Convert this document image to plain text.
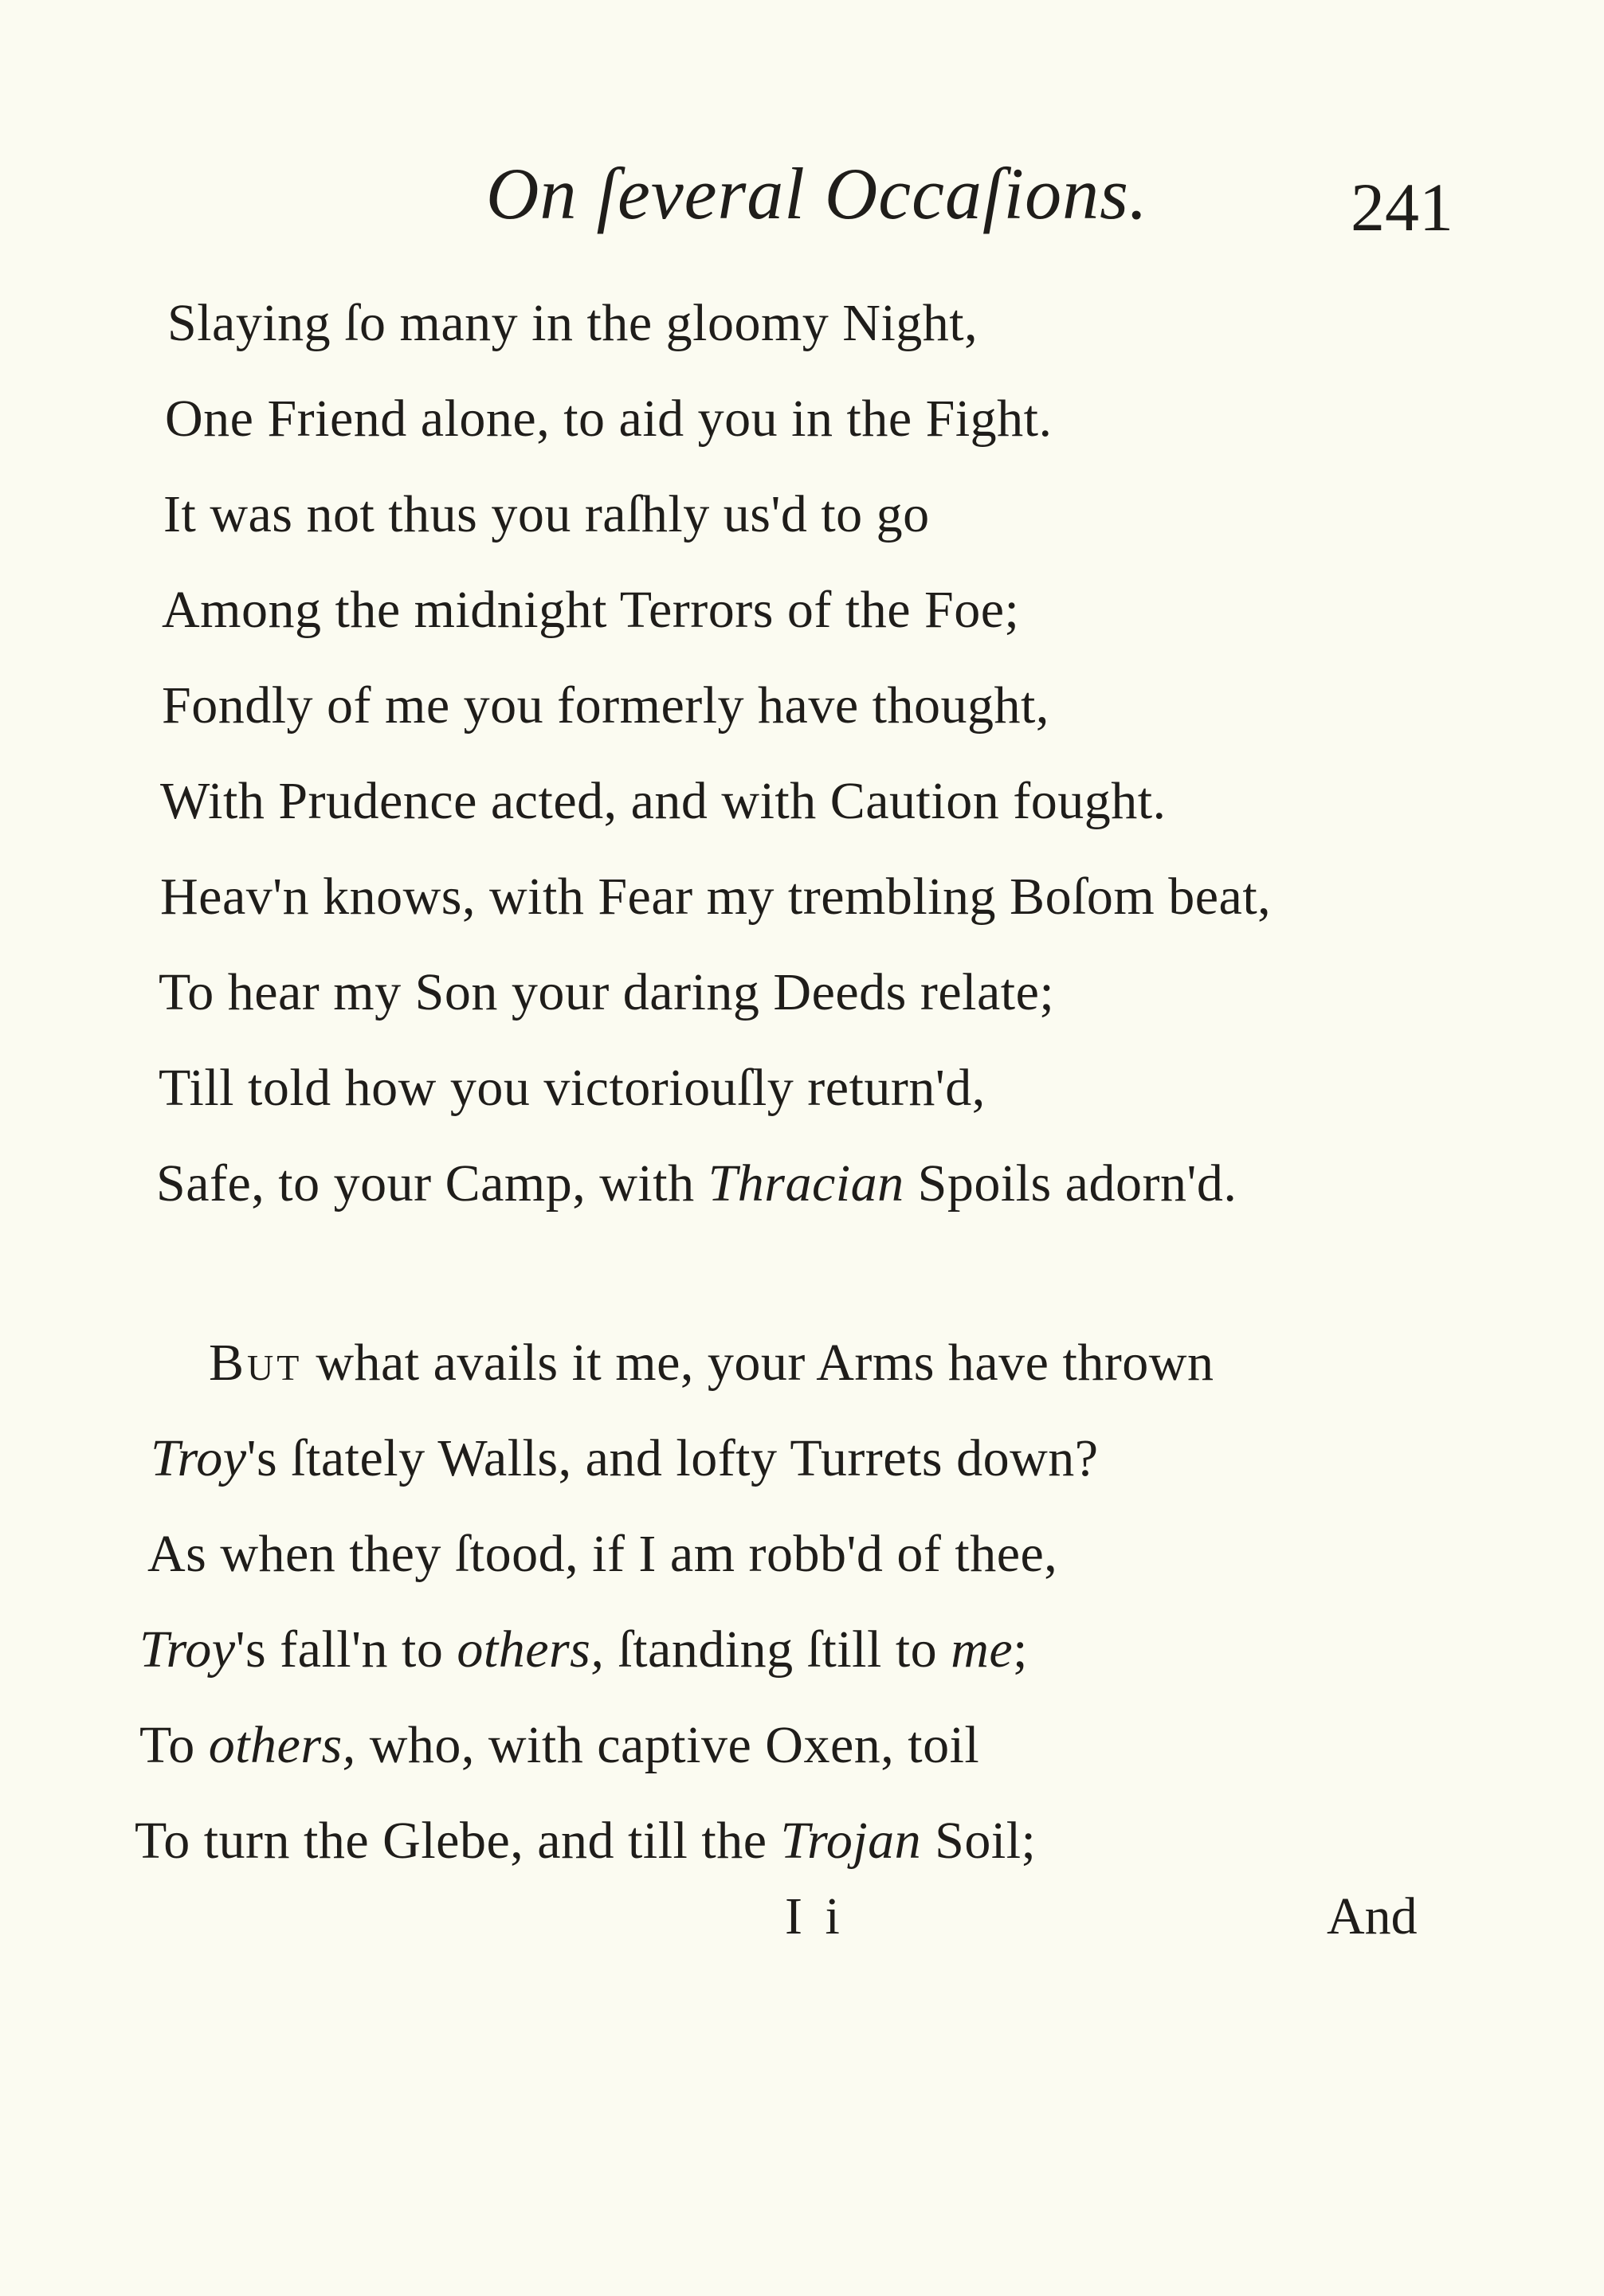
On ſeveral Occaſions.	241
Slaying ſo many in the gloomy Night,
One Friend alone, to aid you in the Fight.
It was not thus you raſhly us'd to go
Among the midnight Terrors of the Foe;
Fondly of me you formerly have thought,
With Prudence acted, and with Caution fought.
Heav'n knows, with Fear my trembling Boſom beat,
To hear my Son your daring Deeds relate;
Till told how you victoriouſly return'd,
Safe, to your Camp, with Thracian Spoils adorn'd.
But what avails it me, your Arms have thrown
Troy's ſtately Walls, and lofty Turrets down?
As when they ſtood, if I am robb'd of thee,
Troy's fall'n to others, ſtanding ſtill to me;
To others, who, with captive Oxen, toil
To turn the Glebe, and till the Trojan Soil;
I i	And
